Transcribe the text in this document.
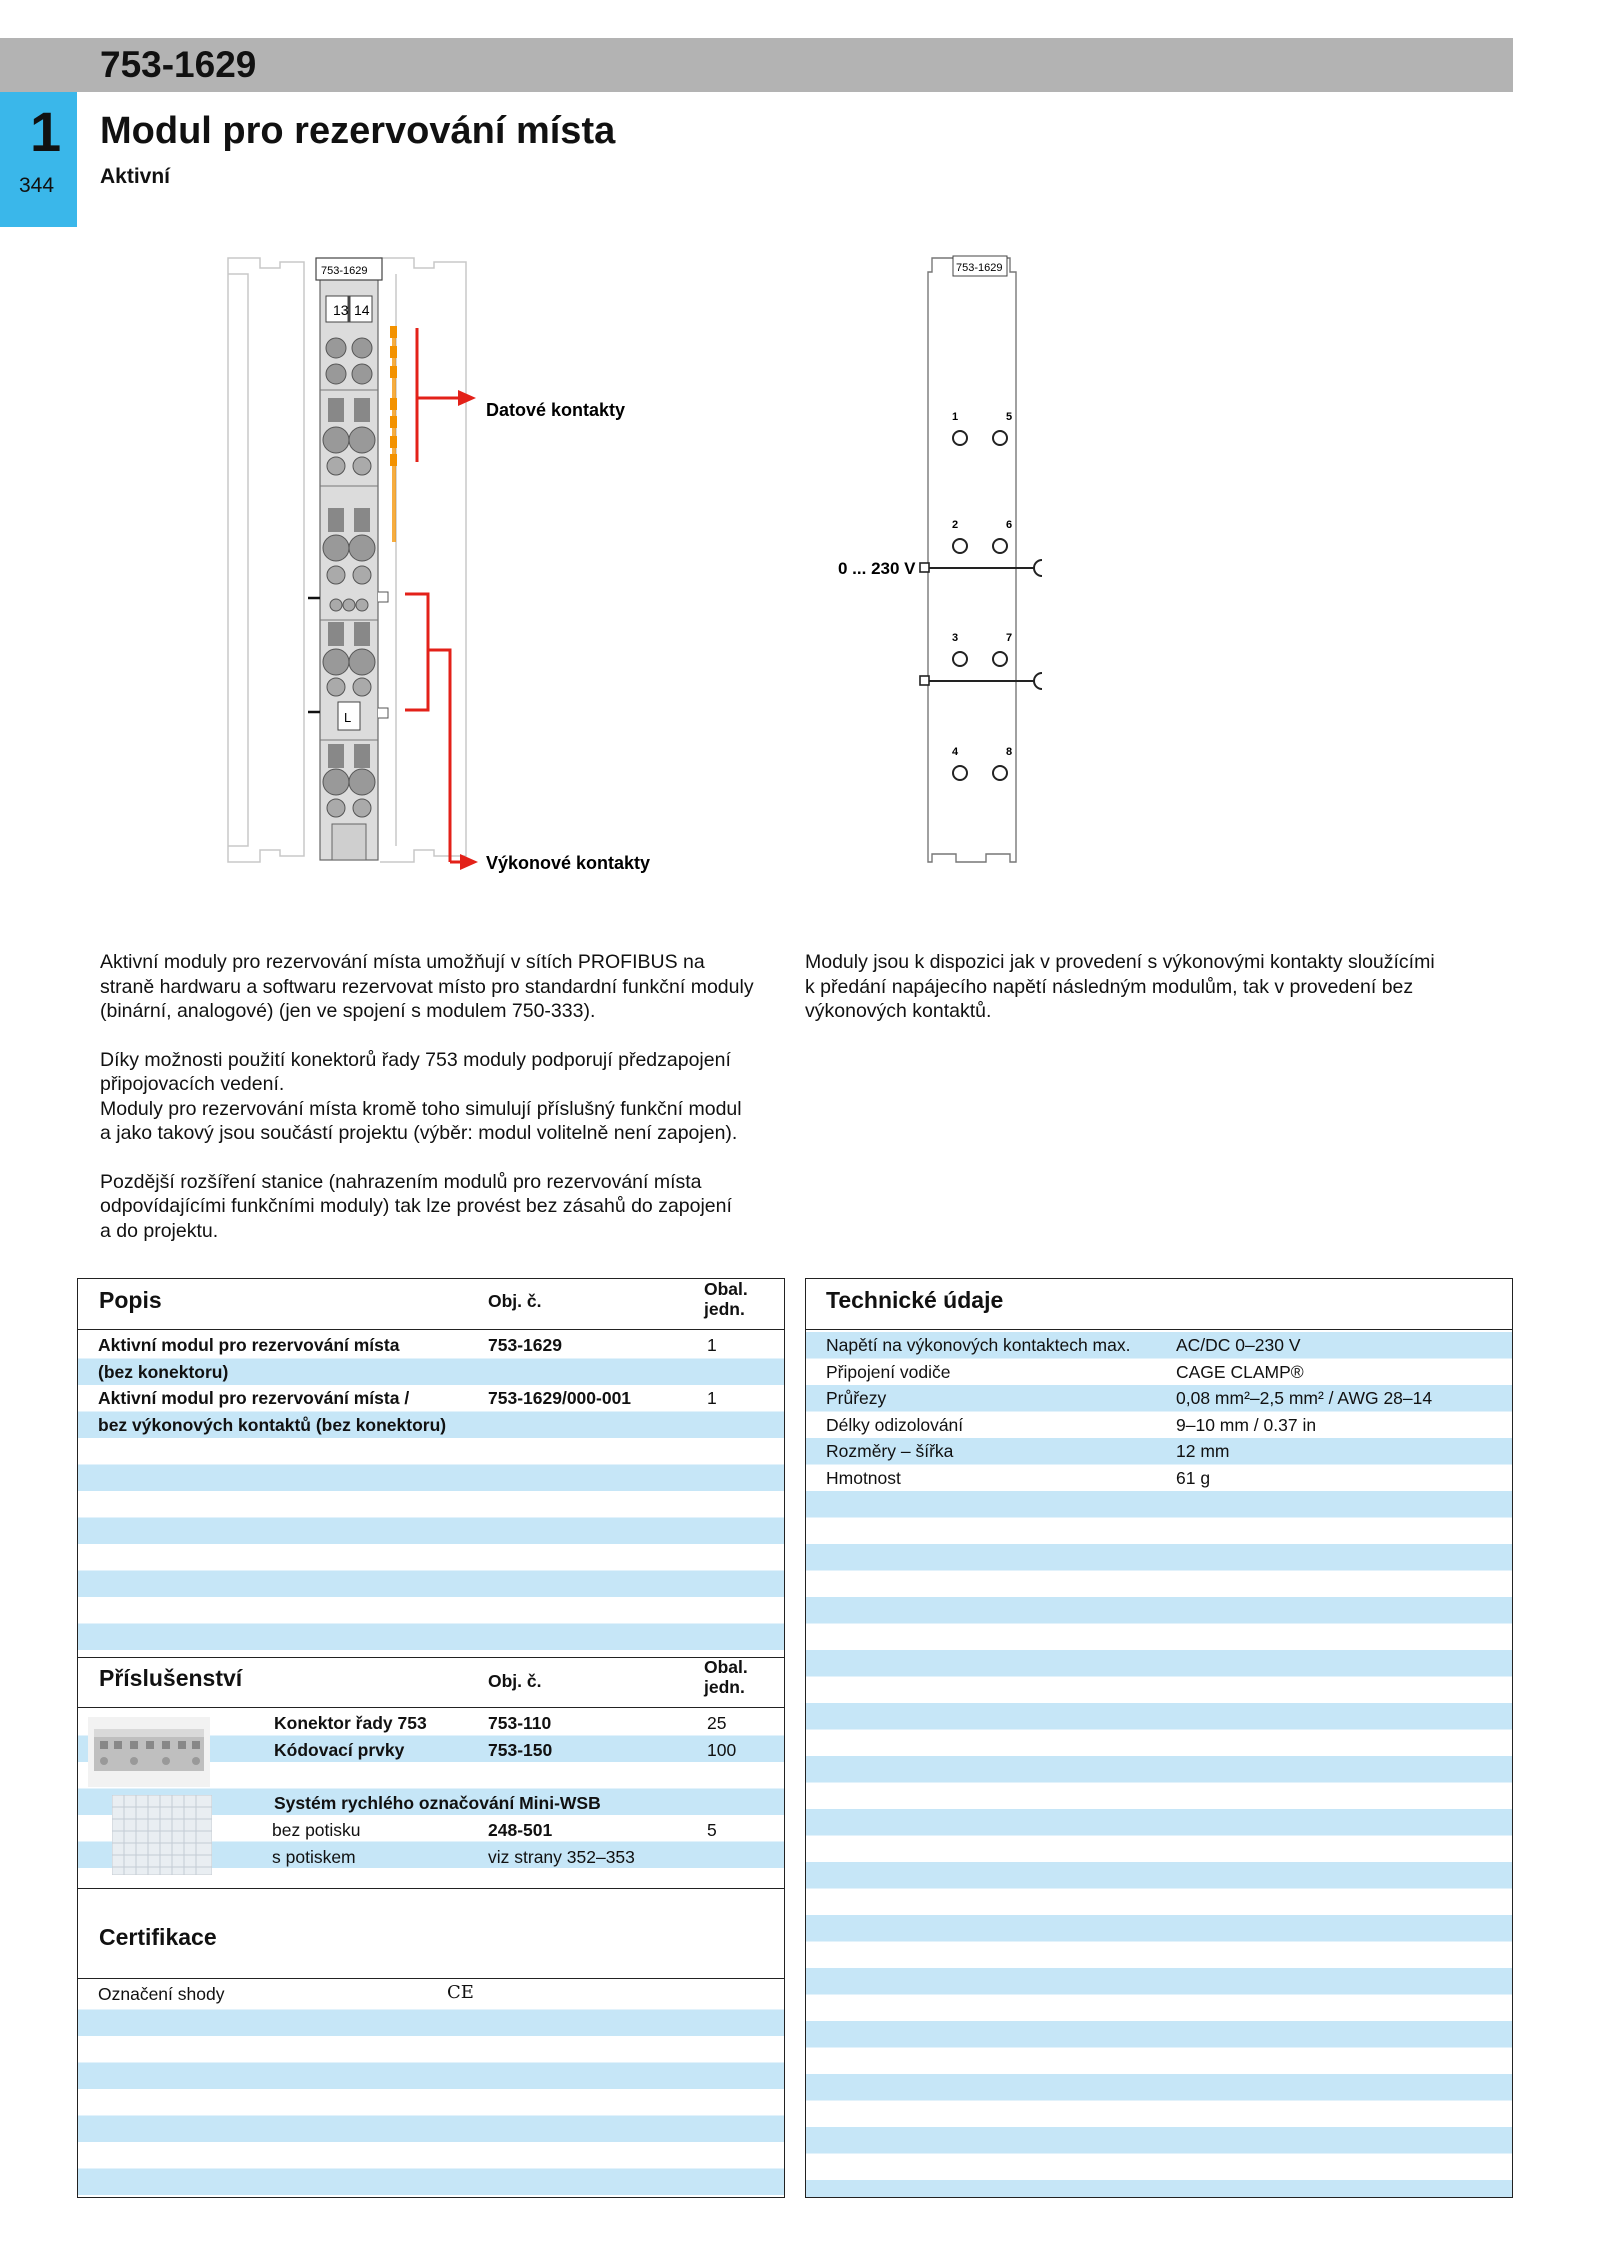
753-1629
1
344
Modul pro rezervování místa
Aktivní
753-1629
13 14
L
Datové kontakty
Výkonové kontakty
753-1629
1	5
2	6
3	7
4	8
0 ... 230 V

Aktivní moduly pro rezervování místa umožňují v sítích PROFIBUS na
straně hardwaru a softwaru rezervovat místo pro standardní funkční moduly
(binární, analogové) (jen ve spojení s modulem 750-333).

Díky možnosti použití konektorů řady 753 moduly podporují předzapojení
připojovacích vedení.
Moduly pro rezervování místa kromě toho simulují příslušný funkční modul
a jako takový jsou součástí projektu (výběr: modul volitelně není zapojen).

Pozdější rozšíření stanice (nahrazením modulů pro rezervování místa
odpovídajícími funkčními moduly) tak lze provést bez zásahů do zapojení
a do projektu.

Moduly jsou k dispozici jak v provedení s výkonovými kontakty sloužícími
k předání napájecího napětí následným modulům, tak v provedení bez
výkonových kontaktů.

Popis	Obj. č.
Obal.
jedn.
Aktivní modul pro rezervování místa	753-1629	1
(bez konektoru)
Aktivní modul pro rezervování místa /	753-1629/000-001	1
bez výkonových kontaktů (bez konektoru)
Příslušenství	Obj. č.
Obal.
jedn.
Konektor řady 753	753-110	25
Kódovací prvky	753-150	100
Systém rychlého označování Mini-WSB
bez potisku	248-501	5
s potiskem	viz strany 352–353
Certifikace
Označení shody	CE
Technické údaje
Napětí na výkonových kontaktech max.	AC/DC 0–230 V
Připojení vodiče	CAGE CLAMP®
Průřezy	0,08 mm²–2,5 mm² / AWG 28–14
Délky odizolování	9–10 mm / 0.37 in
Rozměry – šířka	12 mm
Hmotnost	61 g
